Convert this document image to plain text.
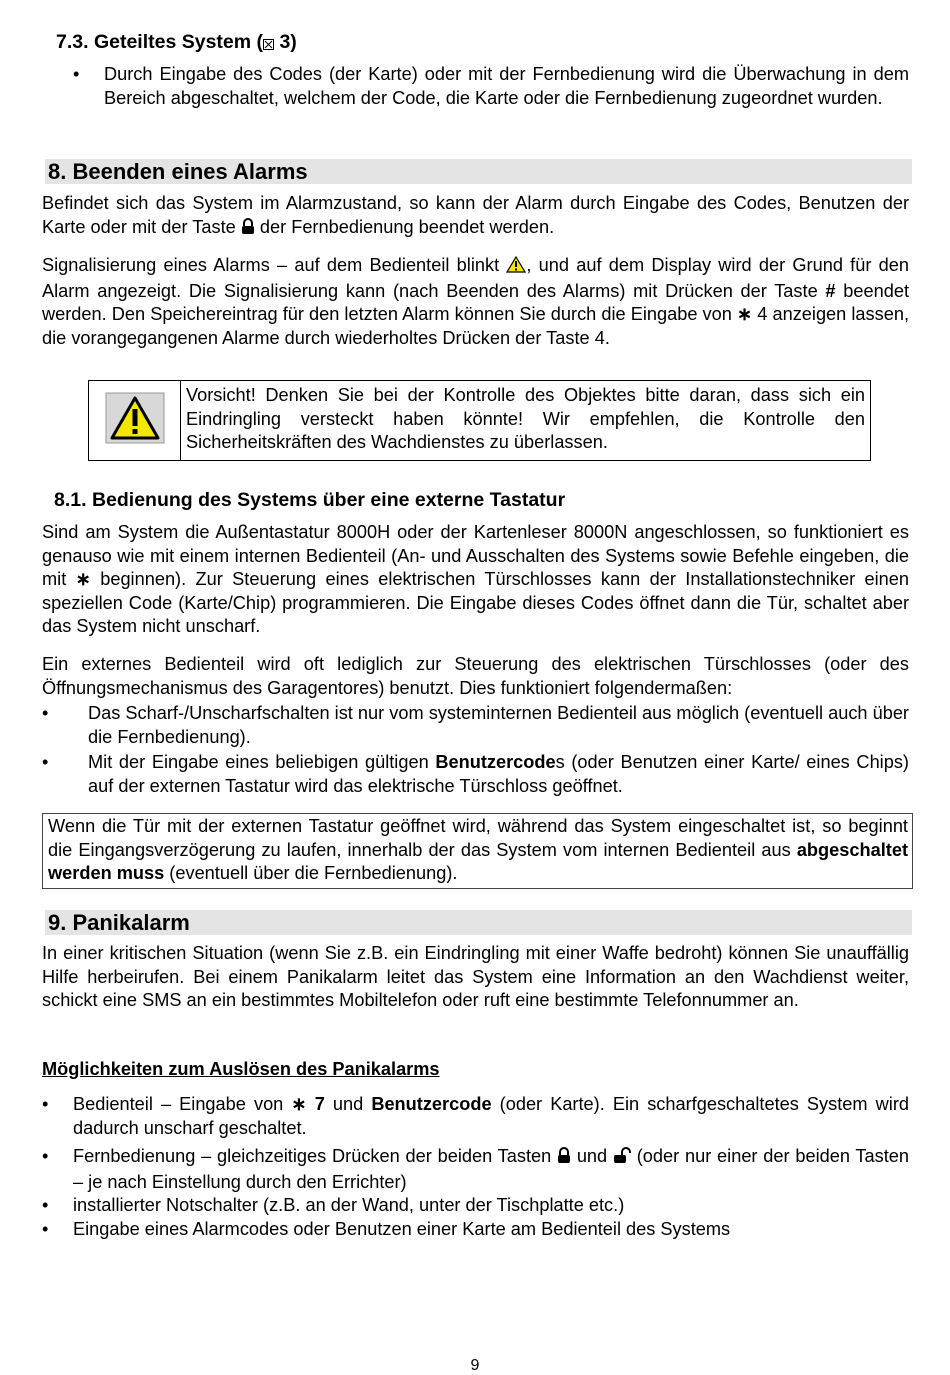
7.3. Geteiltes System ( 3)
• Durch Eingabe des Codes (der Karte) oder mit der Fernbedienung wird die Überwachung in dem Bereich abgeschaltet, welchem der Code, die Karte oder die Fernbedienung zugeordnet wurden.

8. Beenden eines Alarms

Befindet sich das System im Alarmzustand, so kann der Alarm durch Eingabe des Codes, Benutzen der Karte oder mit der Taste  der Fernbedienung beendet werden.

Signalisierung eines Alarms – auf dem Bedienteil blinkt , und auf dem Display wird der Grund für den Alarm angezeigt. Die Signalisierung kann (nach Beenden des Alarms) mit Drücken der Taste # beendet werden. Den Speichereintrag für den letzten Alarm können Sie durch die Eingabe von ∗ 4 anzeigen lassen, die vorangegangenen Alarme durch wiederholtes Drücken der Taste 4.

Vorsicht! Denken Sie bei der Kontrolle des Objektes bitte daran, dass sich ein Eindringling versteckt haben könnte! Wir empfehlen, die Kontrolle den Sicherheitskräften des Wachdienstes zu überlassen.
8.1. Bedienung des Systems über eine externe Tastatur

Sind am System die Außentastatur 8000H oder der Kartenleser 8000N angeschlossen, so funktioniert es genauso wie mit einem internen Bedienteil (An- und Ausschalten des Systems sowie Befehle eingeben, die mit ∗ beginnen). Zur Steuerung eines elektrischen Türschlosses kann der Installationstechniker einen speziellen Code (Karte/Chip) programmieren. Die Eingabe dieses Codes öffnet dann die Tür, schaltet aber das System nicht unscharf.

Ein externes Bedienteil wird oft lediglich zur Steuerung des elektrischen Türschlosses (oder des Öffnungsmechanismus des Garagentores) benutzt. Dies funktioniert folgendermaßen:

• Das Scharf-/Unscharfschalten ist nur vom systeminternen Bedienteil aus möglich (eventuell auch über die Fernbedienung).

• Mit der Eingabe eines beliebigen gültigen Benutzercodes (oder Benutzen einer Karte/ eines Chips) auf der externen Tastatur wird das elektrische Türschloss geöffnet.

Wenn die Tür mit der externen Tastatur geöffnet wird, während das System eingeschaltet ist, so beginnt die Eingangsverzögerung zu laufen, innerhalb der das System vom internen Bedienteil aus abgeschaltet werden muss (eventuell über die Fernbedienung).
9. Panikalarm

In einer kritischen Situation (wenn Sie z.B. ein Eindringling mit einer Waffe bedroht) können Sie unauffällig Hilfe herbeirufen. Bei einem Panikalarm leitet das System eine Information an den Wachdienst weiter, schickt eine SMS an ein bestimmtes Mobiltelefon oder ruft eine bestimmte Telefonnummer an.

Möglichkeiten zum Auslösen des Panikalarms
• Bedienteil – Eingabe von ∗ 7 und Benutzercode (oder Karte). Ein scharfgeschaltetes System wird dadurch unscharf geschaltet.

• Fernbedienung – gleichzeitiges Drücken der beiden Tasten  und  (oder nur einer der beiden Tasten – je nach Einstellung durch den Errichter)

• installierter Notschalter (z.B. an der Wand, unter der Tischplatte etc.)

• Eingabe eines Alarmcodes oder Benutzen einer Karte am Bedienteil des Systems

9
